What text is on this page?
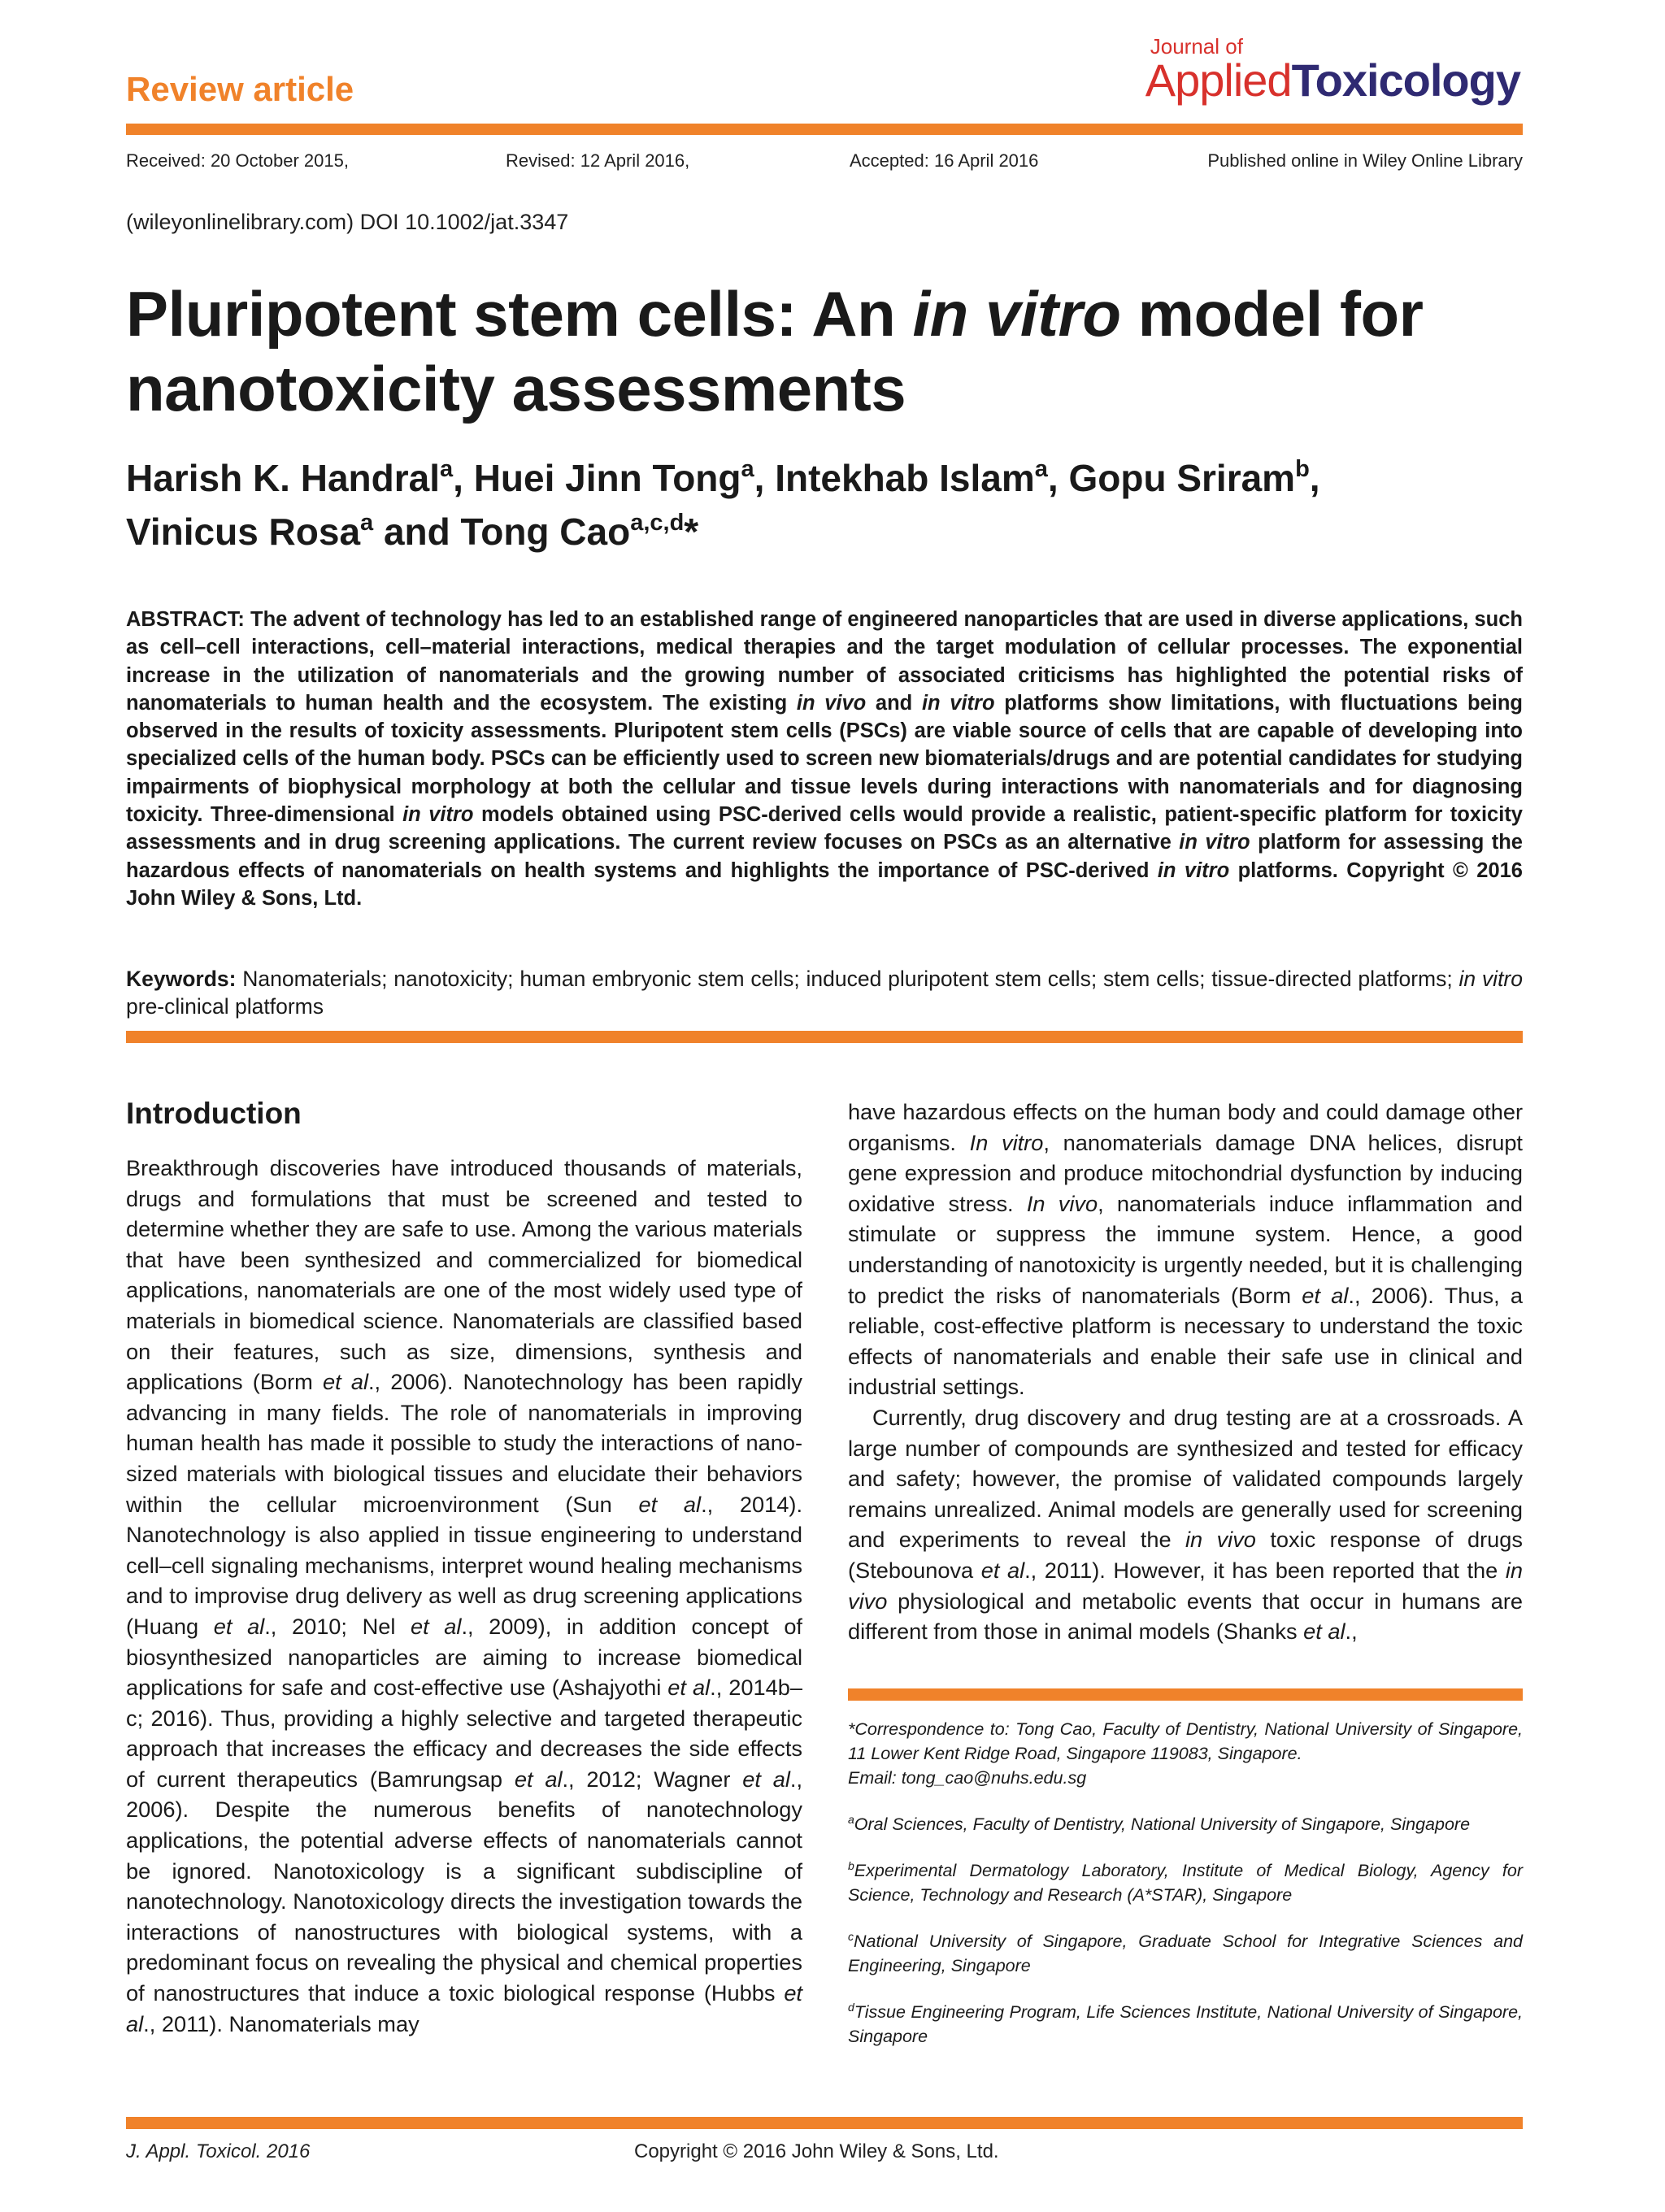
Review article
Journal of
AppliedToxicology
Received: 20 October 2015,	Revised: 12 April 2016,	Accepted: 16 April 2016	Published online in Wiley Online Library
(wileyonlinelibrary.com) DOI 10.1002/jat.3347
Pluripotent stem cells: An in vitro model for nanotoxicity assessments
Harish K. Handral$^a$, Huei Jinn Tong$^a$, Intekhab Islam$^a$, Gopu Sriram$^b$,
Vinicus Rosa$^a$ and Tong Cao$^{a,c,d}$*

ABSTRACT: The advent of technology has led to an established range of engineered nanoparticles that are used in diverse applications, such as cell–cell interactions, cell–material interactions, medical therapies and the target modulation of cellular processes. The exponential increase in the utilization of nanomaterials and the growing number of associated criticisms has highlighted the potential risks of nanomaterials to human health and the ecosystem. The existing in vivo and in vitro platforms show limitations, with fluctuations being observed in the results of toxicity assessments. Pluripotent stem cells (PSCs) are viable source of cells that are capable of developing into specialized cells of the human body. PSCs can be efficiently used to screen new biomaterials/drugs and are potential candidates for studying impairments of biophysical morphology at both the cellular and tissue levels during interactions with nanomaterials and for diagnosing toxicity. Three-dimensional in vitro models obtained using PSC-derived cells would provide a realistic, patient-specific platform for toxicity assessments and in drug screening applications. The current review focuses on PSCs as an alternative in vitro platform for assessing the hazardous effects of nanomaterials on health systems and highlights the importance of PSC-derived in vitro platforms. Copyright © 2016 John Wiley & Sons, Ltd.

Keywords: Nanomaterials; nanotoxicity; human embryonic stem cells; induced pluripotent stem cells; stem cells; tissue-directed platforms; in vitro pre-clinical platforms

Introduction

Breakthrough discoveries have introduced thousands of materials, drugs and formulations that must be screened and tested to determine whether they are safe to use. Among the various materials that have been synthesized and commercialized for biomedical applications, nanomaterials are one of the most widely used type of materials in biomedical science. Nanomaterials are classified based on their features, such as size, dimensions, synthesis and applications (Borm et al., 2006). Nanotechnology has been rapidly advancing in many fields. The role of nanomaterials in improving human health has made it possible to study the interactions of nano-sized materials with biological tissues and elucidate their behaviors within the cellular microenvironment (Sun et al., 2014). Nanotechnology is also applied in tissue engineering to understand cell–cell signaling mechanisms, interpret wound healing mechanisms and to improvise drug delivery as well as drug screening applications (Huang et al., 2010; Nel et al., 2009), in addition concept of biosynthesized nanoparticles are aiming to increase biomedical applications for safe and cost-effective use (Ashajyothi et al., 2014b–c; 2016). Thus, providing a highly selective and targeted therapeutic approach that increases the efficacy and decreases the side effects of current therapeutics (Bamrungsap et al., 2012; Wagner et al., 2006). Despite the numerous benefits of nanotechnology applications, the potential adverse effects of nanomaterials cannot be ignored. Nanotoxicology is a significant subdiscipline of nanotechnology. Nanotoxicology directs the investigation towards the interactions of nanostructures with biological systems, with a predominant focus on revealing the physical and chemical properties of nanostructures that induce a toxic biological response (Hubbs et al., 2011). Nanomaterials may

have hazardous effects on the human body and could damage other organisms. In vitro, nanomaterials damage DNA helices, disrupt gene expression and produce mitochondrial dysfunction by inducing oxidative stress. In vivo, nanomaterials induce inflammation and stimulate or suppress the immune system. Hence, a good understanding of nanotoxicity is urgently needed, but it is challenging to predict the risks of nanomaterials (Borm et al., 2006). Thus, a reliable, cost-effective platform is necessary to understand the toxic effects of nanomaterials and enable their safe use in clinical and industrial settings.

Currently, drug discovery and drug testing are at a crossroads. A large number of compounds are synthesized and tested for efficacy and safety; however, the promise of validated compounds largely remains unrealized. Animal models are generally used for screening and experiments to reveal the in vivo toxic response of drugs (Stebounova et al., 2011). However, it has been reported that the in vivo physiological and metabolic events that occur in humans are different from those in animal models (Shanks et al.,

*Correspondence to: Tong Cao, Faculty of Dentistry, National University of Singapore, 11 Lower Kent Ridge Road, Singapore 119083, Singapore.
Email: tong_cao@nuhs.edu.sg

$^a$Oral Sciences, Faculty of Dentistry, National University of Singapore, Singapore

$^b$Experimental Dermatology Laboratory, Institute of Medical Biology, Agency for Science, Technology and Research (A*STAR), Singapore

$^c$National University of Singapore, Graduate School for Integrative Sciences and Engineering, Singapore

$^d$Tissue Engineering Program, Life Sciences Institute, National University of Singapore, Singapore

J. Appl. Toxicol. 2016	Copyright © 2016 John Wiley & Sons, Ltd.
